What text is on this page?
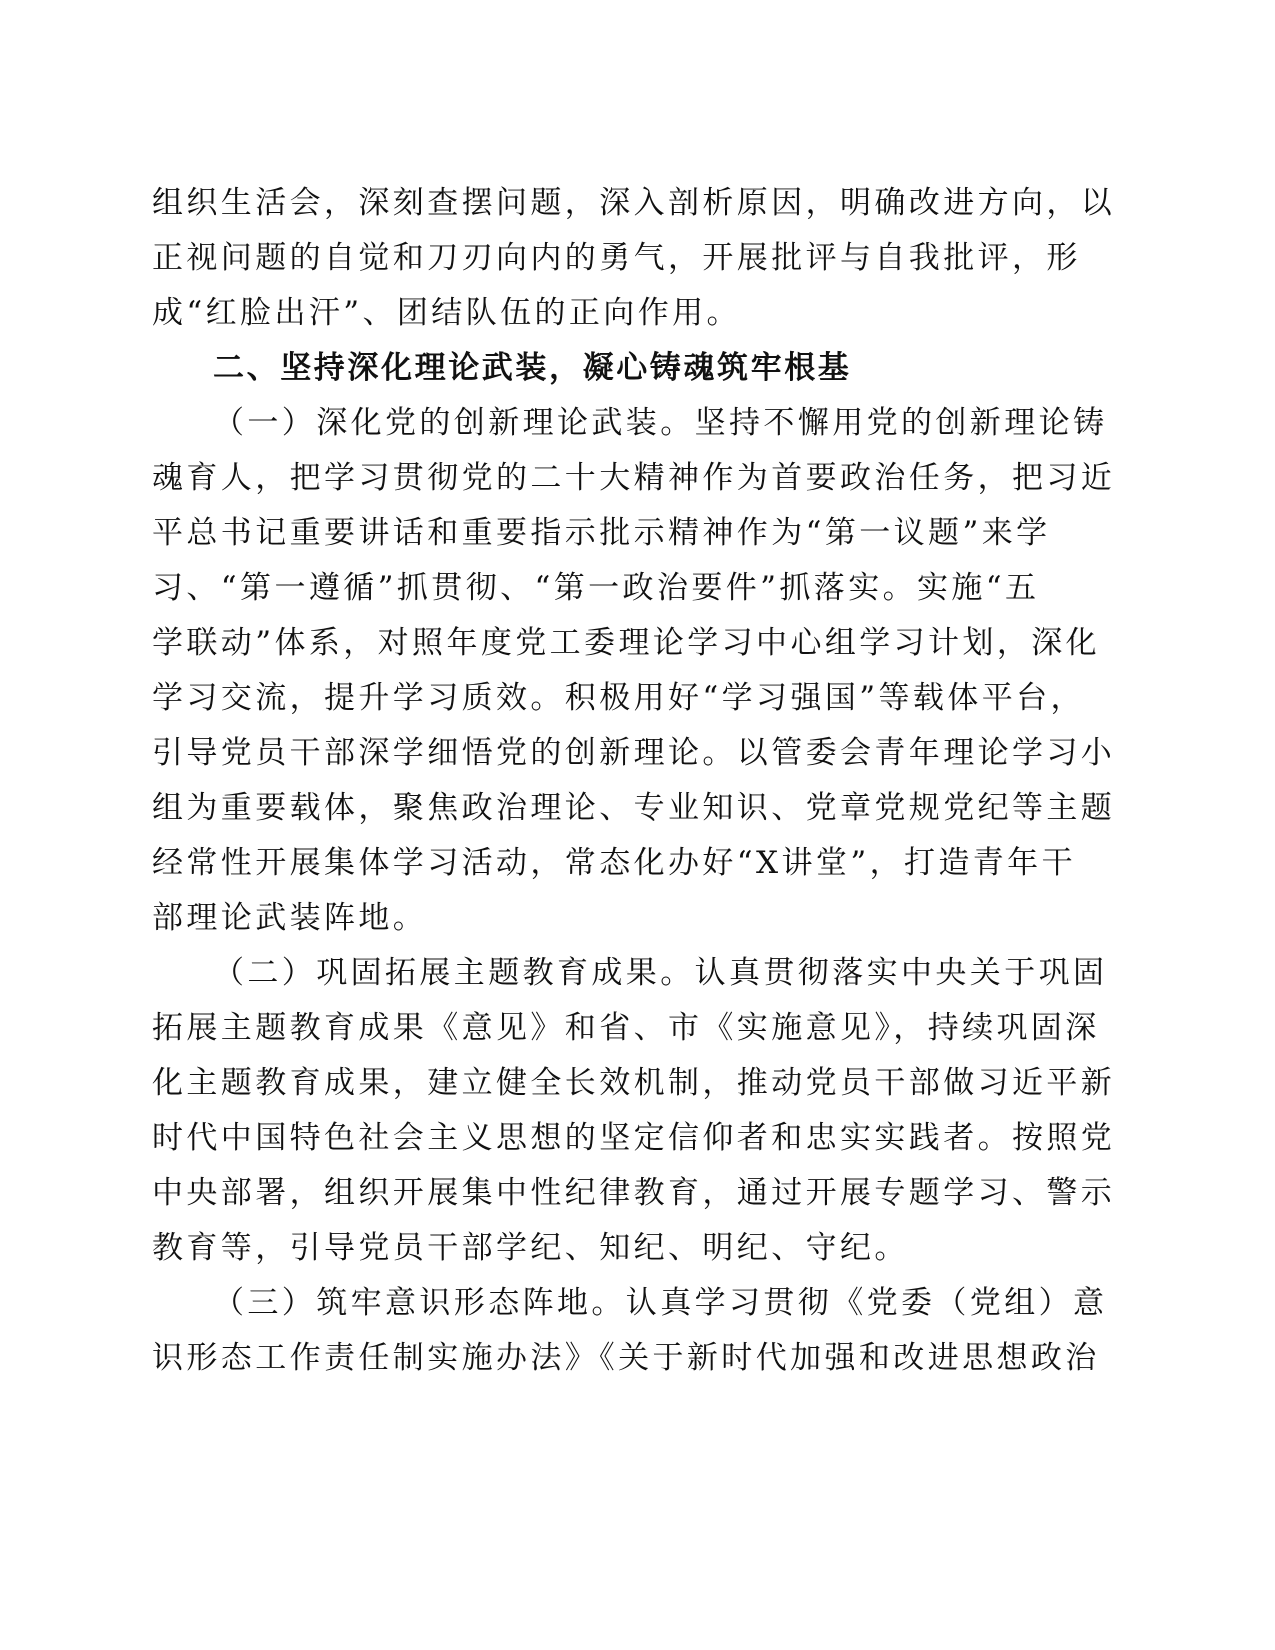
组织生活会，深刻查摆问题，深入剖析原因，明确改进方向，以
正视问题的自觉和刀刃向内的勇气，开展批评与自我批评，形
成“红脸出汗”、团结队伍的正向作用。
二、坚持深化理论武装，凝心铸魂筑牢根基
（一）深化党的创新理论武装。坚持不懈用党的创新理论铸
魂育人，把学习贯彻党的二十大精神作为首要政治任务，把习近
平总书记重要讲话和重要指示批示精神作为“第一议题”来学
习、“第一遵循”抓贯彻、“第一政治要件”抓落实。实施“五
学联动”体系，对照年度党工委理论学习中心组学习计划，深化
学习交流，提升学习质效。积极用好“学习强国”等载体平台，
引导党员干部深学细悟党的创新理论。以管委会青年理论学习小
组为重要载体，聚焦政治理论、专业知识、党章党规党纪等主题
经常性开展集体学习活动，常态化办好“X讲堂”，打造青年干
部理论武装阵地。
（二）巩固拓展主题教育成果。认真贯彻落实中央关于巩固
拓展主题教育成果《意见》和省、市《实施意见》，持续巩固深
化主题教育成果，建立健全长效机制，推动党员干部做习近平新
时代中国特色社会主义思想的坚定信仰者和忠实实践者。按照党
中央部署，组织开展集中性纪律教育，通过开展专题学习、警示
教育等，引导党员干部学纪、知纪、明纪、守纪。
（三）筑牢意识形态阵地。认真学习贯彻《党委（党组）意
识形态工作责任制实施办法》《关于新时代加强和改进思想政治
